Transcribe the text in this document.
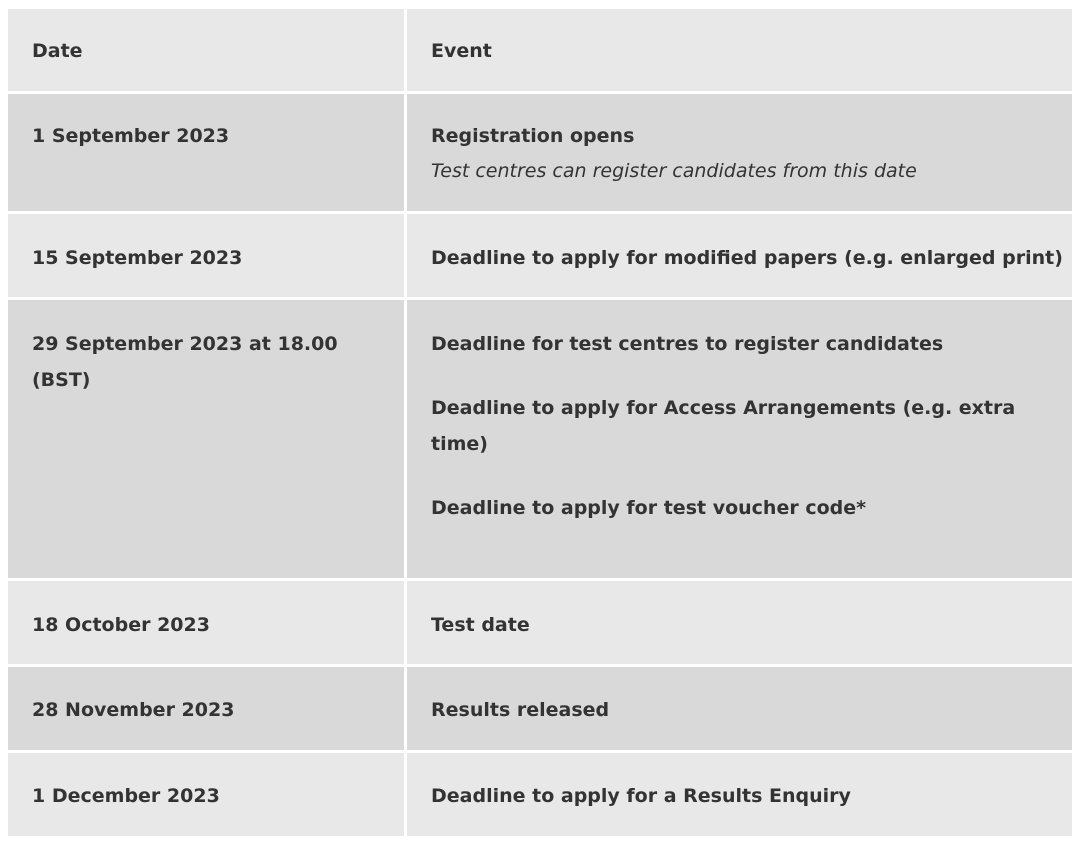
Date	Event

1 September 2023	Registration opens
Test centres can register candidates from this date

15 September 2023	Deadline to apply for modified papers (e.g. enlarged print)

29 September 2023 at 18.00 (BST)	Deadline for test centres to register candidates
Deadline to apply for Access Arrangements (e.g. extra time)
Deadline to apply for test voucher code*

18 October 2023	Test date

28 November 2023	Results released

1 December 2023	Deadline to apply for a Results Enquiry
